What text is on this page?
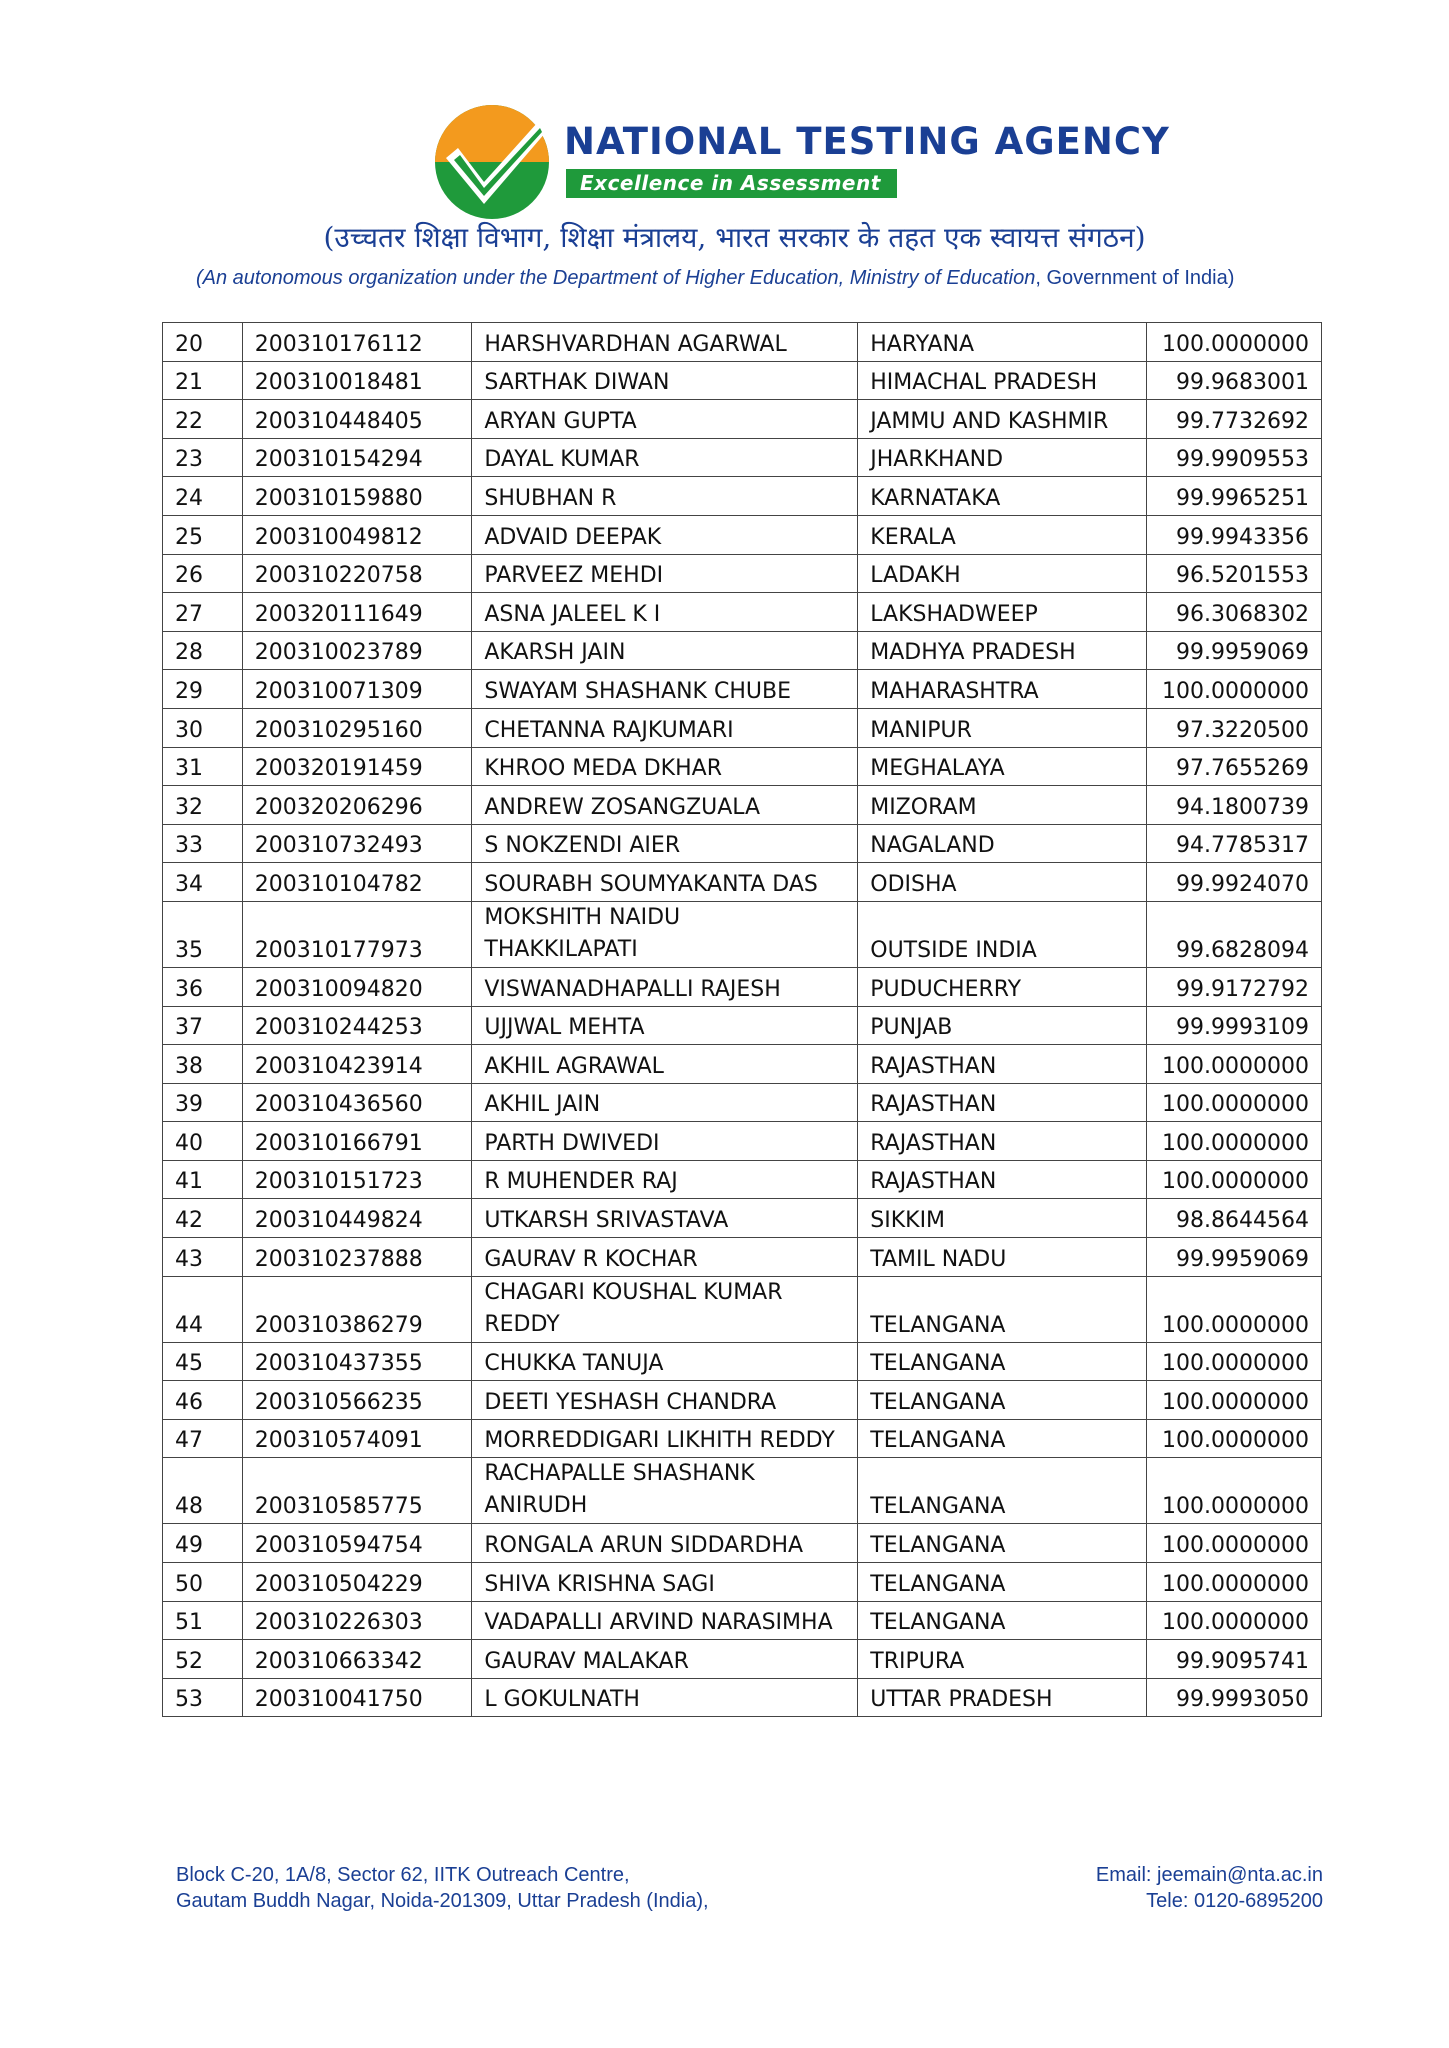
NATIONAL TESTING AGENCY
Excellence in Assessment
(उच्चतर शिक्षा विभाग, शिक्षा मंत्रालय, भारत सरकार के तहत एक स्वायत्त संगठन)
(An autonomous organization under the Department of Higher Education, Ministry of Education, Government of India)
20	200310176112	HARSHVARDHAN AGARWAL	HARYANA	100.0000000
21	200310018481	SARTHAK DIWAN	HIMACHAL PRADESH	99.9683001
22	200310448405	ARYAN GUPTA	JAMMU AND KASHMIR	99.7732692
23	200310154294	DAYAL KUMAR	JHARKHAND	99.9909553
24	200310159880	SHUBHAN R	KARNATAKA	99.9965251
25	200310049812	ADVAID DEEPAK	KERALA	99.9943356
26	200310220758	PARVEEZ MEHDI	LADAKH	96.5201553
27	200320111649	ASNA JALEEL K I	LAKSHADWEEP	96.3068302
28	200310023789	AKARSH JAIN	MADHYA PRADESH	99.9959069
29	200310071309	SWAYAM SHASHANK CHUBE	MAHARASHTRA	100.0000000
30	200310295160	CHETANNA RAJKUMARI	MANIPUR	97.3220500
31	200320191459	KHROO MEDA DKHAR	MEGHALAYA	97.7655269
32	200320206296	ANDREW ZOSANGZUALA	MIZORAM	94.1800739
33	200310732493	S NOKZENDI AIER	NAGALAND	94.7785317
34	200310104782	SOURABH SOUMYAKANTA DAS	ODISHA	99.9924070
35	200310177973	MOKSHITH NAIDU
THAKKILAPATI	OUTSIDE INDIA	99.6828094
36	200310094820	VISWANADHAPALLI RAJESH	PUDUCHERRY	99.9172792
37	200310244253	UJJWAL MEHTA	PUNJAB	99.9993109
38	200310423914	AKHIL AGRAWAL	RAJASTHAN	100.0000000
39	200310436560	AKHIL JAIN	RAJASTHAN	100.0000000
40	200310166791	PARTH DWIVEDI	RAJASTHAN	100.0000000
41	200310151723	R MUHENDER RAJ	RAJASTHAN	100.0000000
42	200310449824	UTKARSH SRIVASTAVA	SIKKIM	98.8644564
43	200310237888	GAURAV R KOCHAR	TAMIL NADU	99.9959069
44	200310386279	CHAGARI KOUSHAL KUMAR
REDDY	TELANGANA	100.0000000
45	200310437355	CHUKKA TANUJA	TELANGANA	100.0000000
46	200310566235	DEETI YESHASH CHANDRA	TELANGANA	100.0000000
47	200310574091	MORREDDIGARI LIKHITH REDDY	TELANGANA	100.0000000
48	200310585775	RACHAPALLE SHASHANK
ANIRUDH	TELANGANA	100.0000000
49	200310594754	RONGALA ARUN SIDDARDHA	TELANGANA	100.0000000
50	200310504229	SHIVA KRISHNA SAGI	TELANGANA	100.0000000
51	200310226303	VADAPALLI ARVIND NARASIMHA	TELANGANA	100.0000000
52	200310663342	GAURAV MALAKAR	TRIPURA	99.9095741
53	200310041750	L GOKULNATH	UTTAR PRADESH	99.9993050
Block C-20, 1A/8, Sector 62, IITK Outreach Centre,
Gautam Buddh Nagar, Noida-201309, Uttar Pradesh (India),
Email: jeemain@nta.ac.in
Tele: 0120-6895200
